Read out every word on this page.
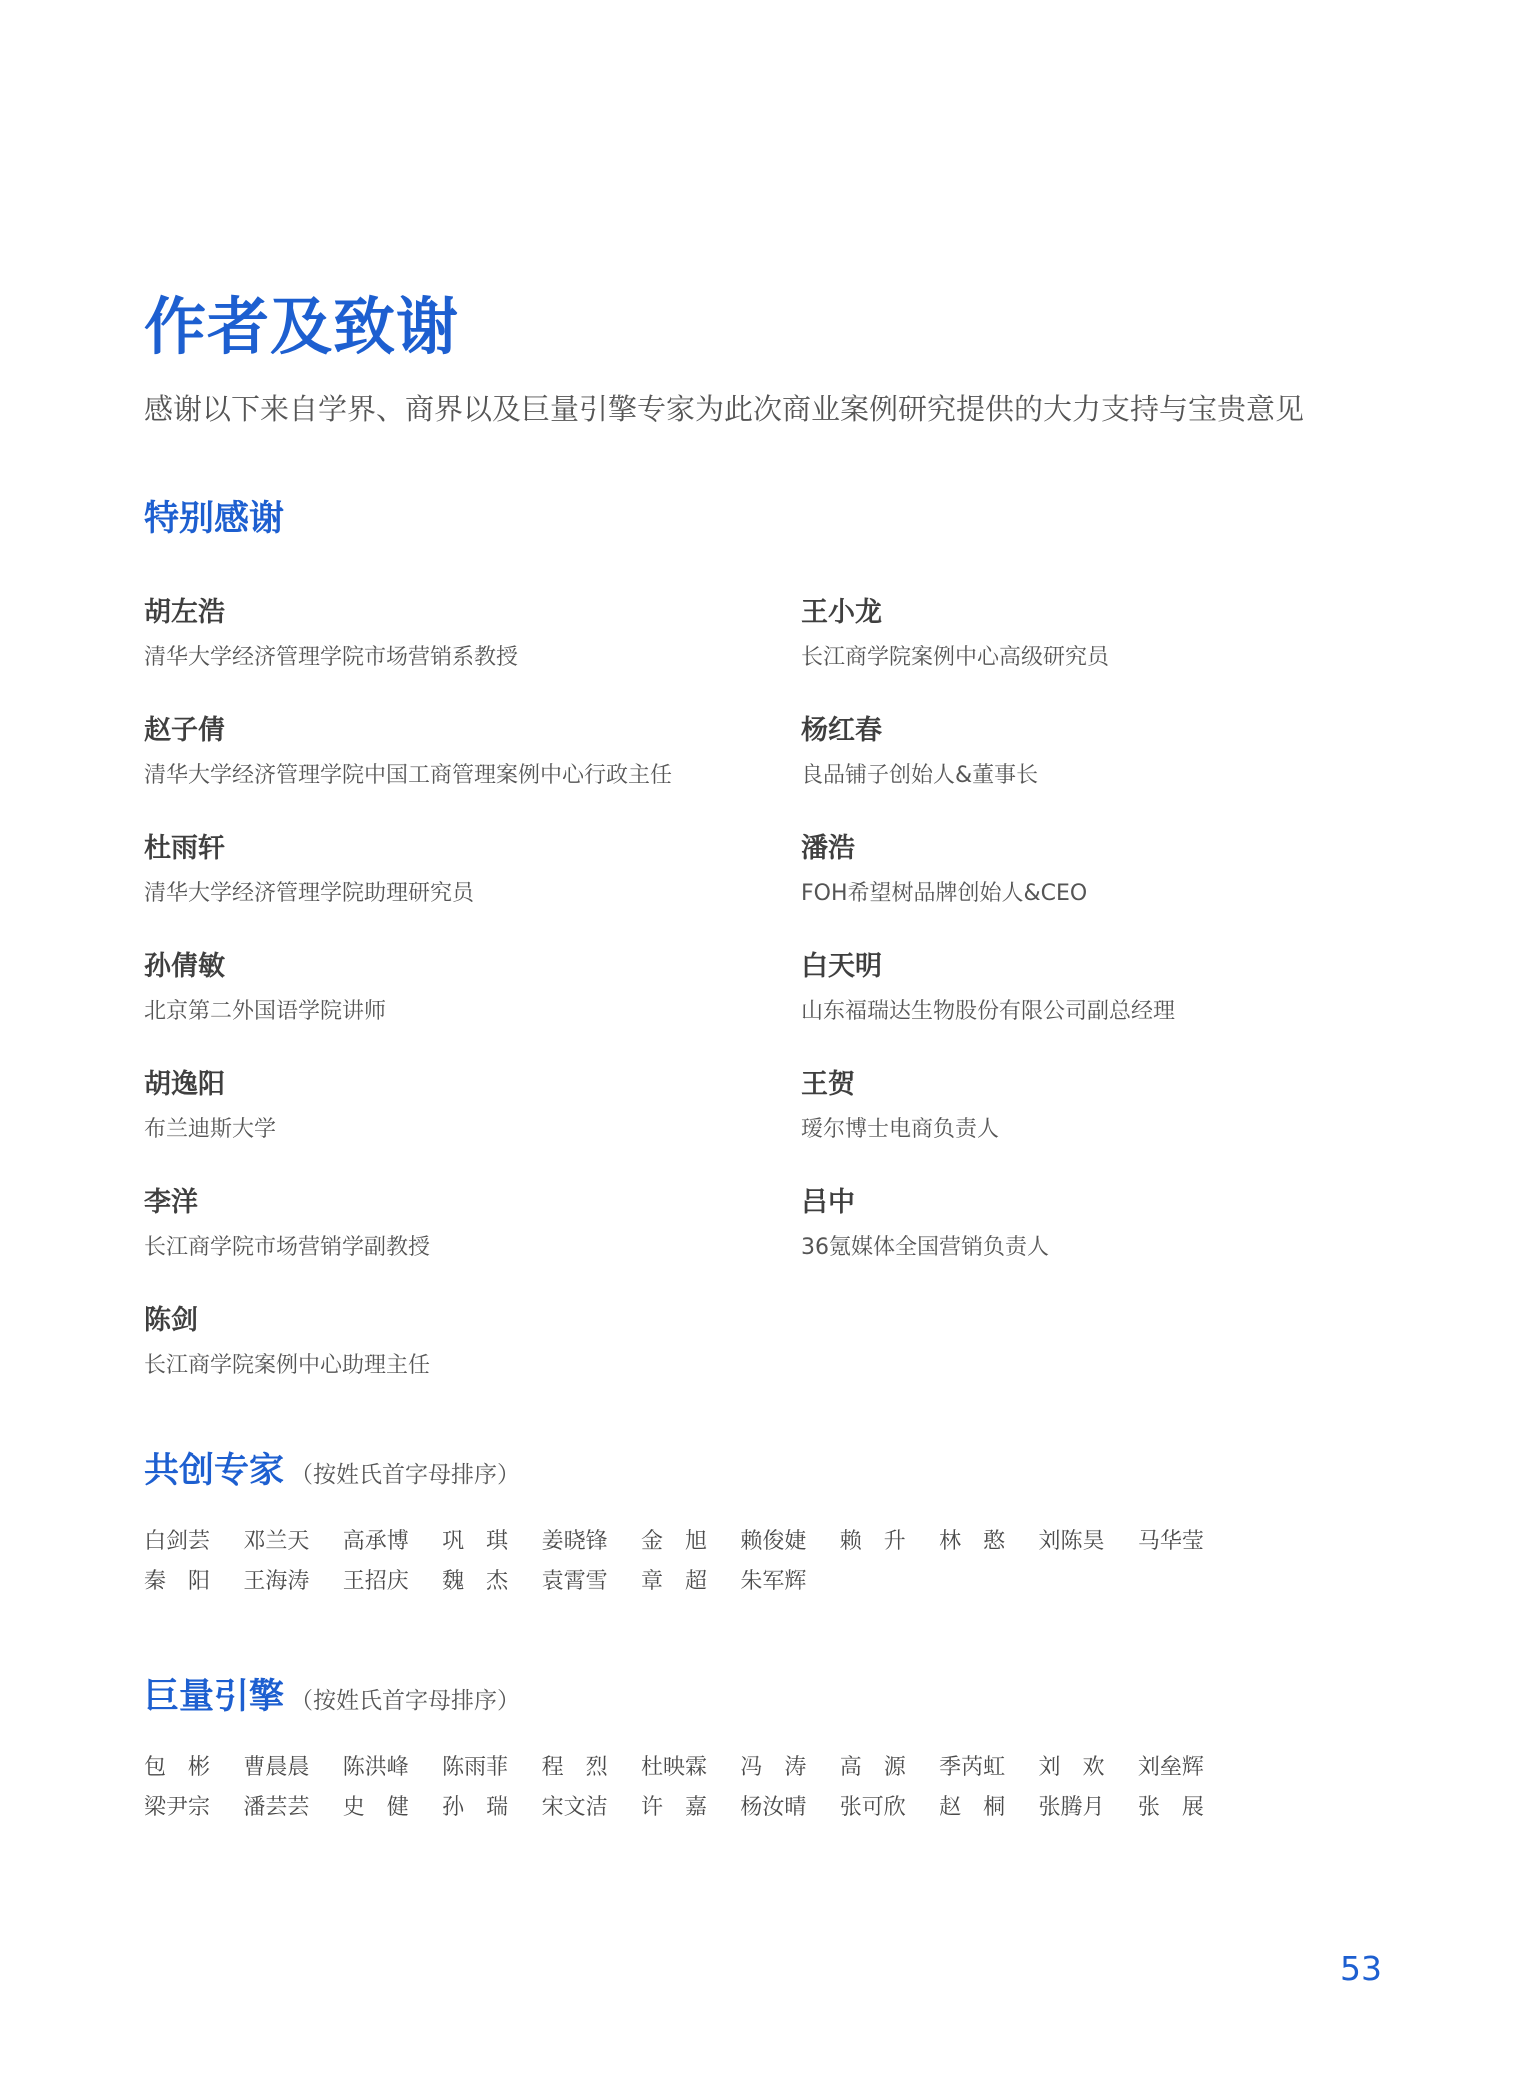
作者及致谢

感谢以下来自学界、商界以及巨量引擎专家为此次商业案例研究提供的大力支持与宝贵意见

特别感谢
胡左浩
清华大学经济管理学院市场营销系教授
王小龙
长江商学院案例中心高级研究员
赵子倩
清华大学经济管理学院中国工商管理案例中心行政主任
杨红春
良品铺子创始人&董事长
杜雨轩
清华大学经济管理学院助理研究员
潘浩
FOH希望树品牌创始人&CEO
孙倩敏
北京第二外国语学院讲师
白天明
山东福瑞达生物股份有限公司副总经理
胡逸阳
布兰迪斯大学
王贺
瑷尔博士电商负责人
李洋
长江商学院市场营销学副教授
吕中
36氪媒体全国营销负责人
陈剑
长江商学院案例中心助理主任
共创专家 （按姓氏首字母排序）
白剑芸	邓兰天	高承博	巩　琪	姜晓锋	金　旭	赖俊婕	赖　升	林　憨	刘陈昊	马华莹
秦　阳	王海涛	王招庆	魏　杰	袁霄雪	章　超	朱军辉
巨量引擎 （按姓氏首字母排序）
包　彬	曹晨晨	陈洪峰	陈雨菲	程　烈	杜映霖	冯　涛	高　源	季芮虹	刘　欢	刘垒辉
梁尹宗	潘芸芸	史　健	孙　瑞	宋文洁	许　嘉	杨汝晴	张可欣	赵　桐	张腾月	张　展
53
